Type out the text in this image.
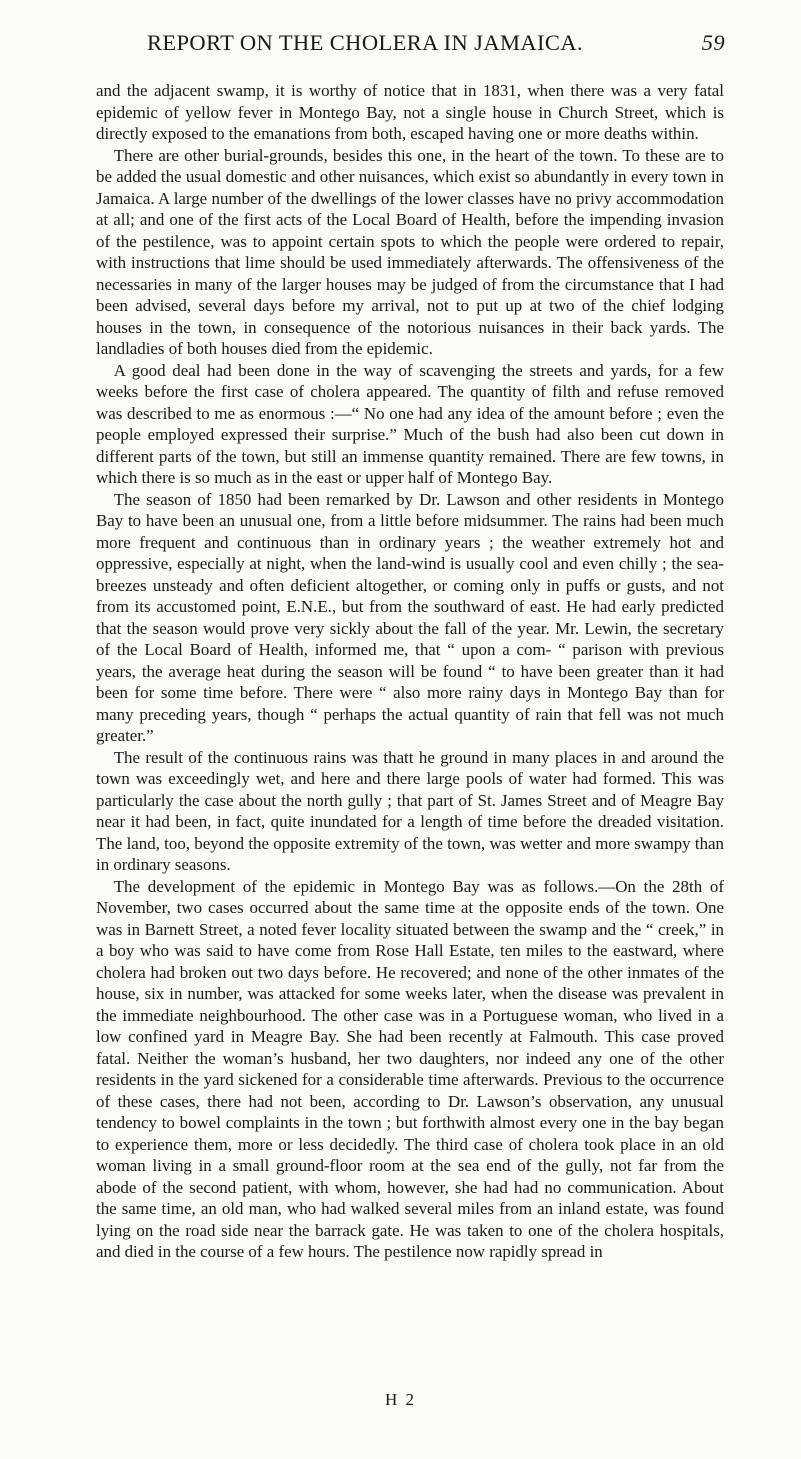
REPORT ON THE CHOLERA IN JAMAICA.	59

and the adjacent swamp, it is worthy of notice that in 1831, when there was a very fatal epidemic of yellow fever in Montego Bay, not a single house in Church Street, which is directly exposed to the emanations from both, escaped having one or more deaths within.

There are other burial-grounds, besides this one, in the heart of the town. To these are to be added the usual domestic and other nuisances, which exist so abundantly in every town in Jamaica. A large number of the dwellings of the lower classes have no privy accommodation at all; and one of the first acts of the Local Board of Health, before the impending invasion of the pestilence, was to appoint certain spots to which the people were ordered to repair, with instructions that lime should be used immediately afterwards. The offensiveness of the necessaries in many of the larger houses may be judged of from the circumstance that I had been advised, several days before my arrival, not to put up at two of the chief lodging houses in the town, in consequence of the notorious nuisances in their back yards. The landladies of both houses died from the epidemic.

A good deal had been done in the way of scavenging the streets and yards, for a few weeks before the first case of cholera appeared. The quantity of filth and refuse removed was described to me as enormous :—“ No one had any idea of the amount before ; even the people employed expressed their surprise.” Much of the bush had also been cut down in different parts of the town, but still an immense quantity remained. There are few towns, in which there is so much as in the east or upper half of Montego Bay.

The season of 1850 had been remarked by Dr. Lawson and other residents in Montego Bay to have been an unusual one, from a little before midsummer. The rains had been much more frequent and continuous than in ordinary years ; the weather extremely hot and oppressive, especially at night, when the land-wind is usually cool and even chilly ; the sea-breezes unsteady and often deficient altogether, or coming only in puffs or gusts, and not from its accustomed point, E.N.E., but from the southward of east. He had early predicted that the season would prove very sickly about the fall of the year. Mr. Lewin, the secretary of the Local Board of Health, informed me, that “ upon a com- “ parison with previous years, the average heat during the season will be found “ to have been greater than it had been for some time before. There were “ also more rainy days in Montego Bay than for many preceding years, though “ perhaps the actual quantity of rain that fell was not much greater.”

The result of the continuous rains was thatt he ground in many places in and around the town was exceedingly wet, and here and there large pools of water had formed. This was particularly the case about the north gully ; that part of St. James Street and of Meagre Bay near it had been, in fact, quite inundated for a length of time before the dreaded visitation. The land, too, beyond the opposite extremity of the town, was wetter and more swampy than in ordinary seasons.

The development of the epidemic in Montego Bay was as follows.—On the 28th of November, two cases occurred about the same time at the opposite ends of the town. One was in Barnett Street, a noted fever locality situated between the swamp and the “ creek,” in a boy who was said to have come from Rose Hall Estate, ten miles to the eastward, where cholera had broken out two days before. He recovered; and none of the other inmates of the house, six in number, was attacked for some weeks later, when the disease was prevalent in the immediate neighbourhood. The other case was in a Portuguese woman, who lived in a low confined yard in Meagre Bay. She had been recently at Falmouth. This case proved fatal. Neither the woman’s husband, her two daughters, nor indeed any one of the other residents in the yard sickened for a considerable time afterwards. Previous to the occurrence of these cases, there had not been, according to Dr. Lawson’s observation, any unusual tendency to bowel complaints in the town ; but forthwith almost every one in the bay began to experience them, more or less decidedly. The third case of cholera took place in an old woman living in a small ground-floor room at the sea end of the gully, not far from the abode of the second patient, with whom, however, she had had no communication. About the same time, an old man, who had walked several miles from an inland estate, was found lying on the road side near the barrack gate. He was taken to one of the cholera hospitals, and died in the course of a few hours. The pestilence now rapidly spread in

H 2
